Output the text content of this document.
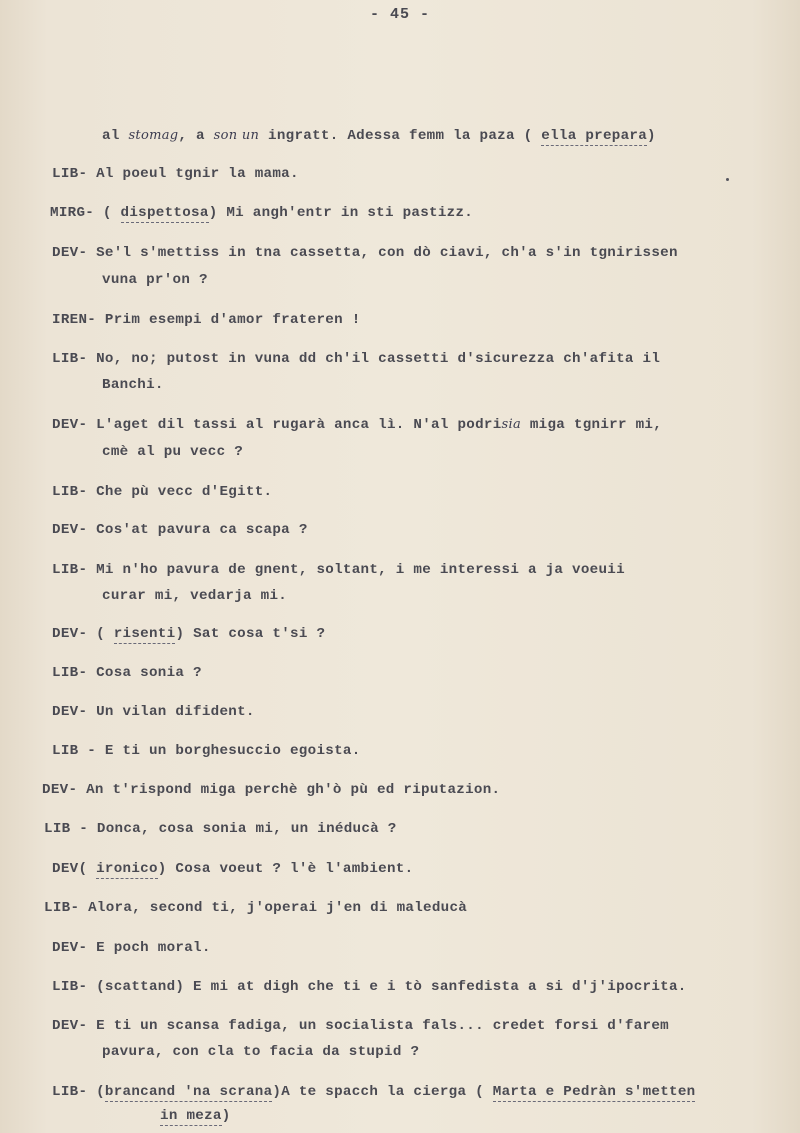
- 45 -
al stomag, a son un ingratt. Adessa femm la paza ( ella prepara)
LIB- Al poeul tgnir la mama.
MIRG- ( dispettosa) Mi angh'entr in sti pastizz.
DEV- Se'l s'mettiss in tna cassetta, con dò ciavi, ch'a s'in tgnirissen
vuna pr'on ?
IREN- Prim esempi d'amor frateren !
LIB- No, no; putost in vuna dd ch'il cassetti d'sicurezza ch'afita il
Banchi.
DEV- L'aget dil tassi al rugarà anca lì. N'al podrisia miga tgnirr mi,
cmè al pu vecc ?
LIB- Che pù vecc d'Egitt.
DEV- Cos'at pavura ca scapa ?
LIB- Mi n'ho pavura de gnent, soltant, i me interessi a ja voeuii
curar mi, vedarja mi.
DEV- ( risenti) Sat cosa t'si ?
LIB- Cosa sonia ?
DEV- Un vilan difident.
LIB - E ti un borghesuccio egoista.
DEV- An t'rispond miga perchè gh'ò pù ed riputazion.
LIB - Donca, cosa sonia mi, un inéducà ?
DEV( ironico) Cosa voeut ? l'è l'ambient.
LIB- Alora, second ti, j'operai j'en di maleducà
DEV- E poch moral.
LIB- (scattand) E mi at digh che ti e i tò sanfedista a si d'j'ipocrita.
DEV- E ti un scansa fadiga, un socialista fals... credet forsi d'farem
pavura, con cla to facia da stupid ?
LIB- (brancand 'na scrana)A te spacch la cierga ( Marta e Pedràn s'metten
in meza)
